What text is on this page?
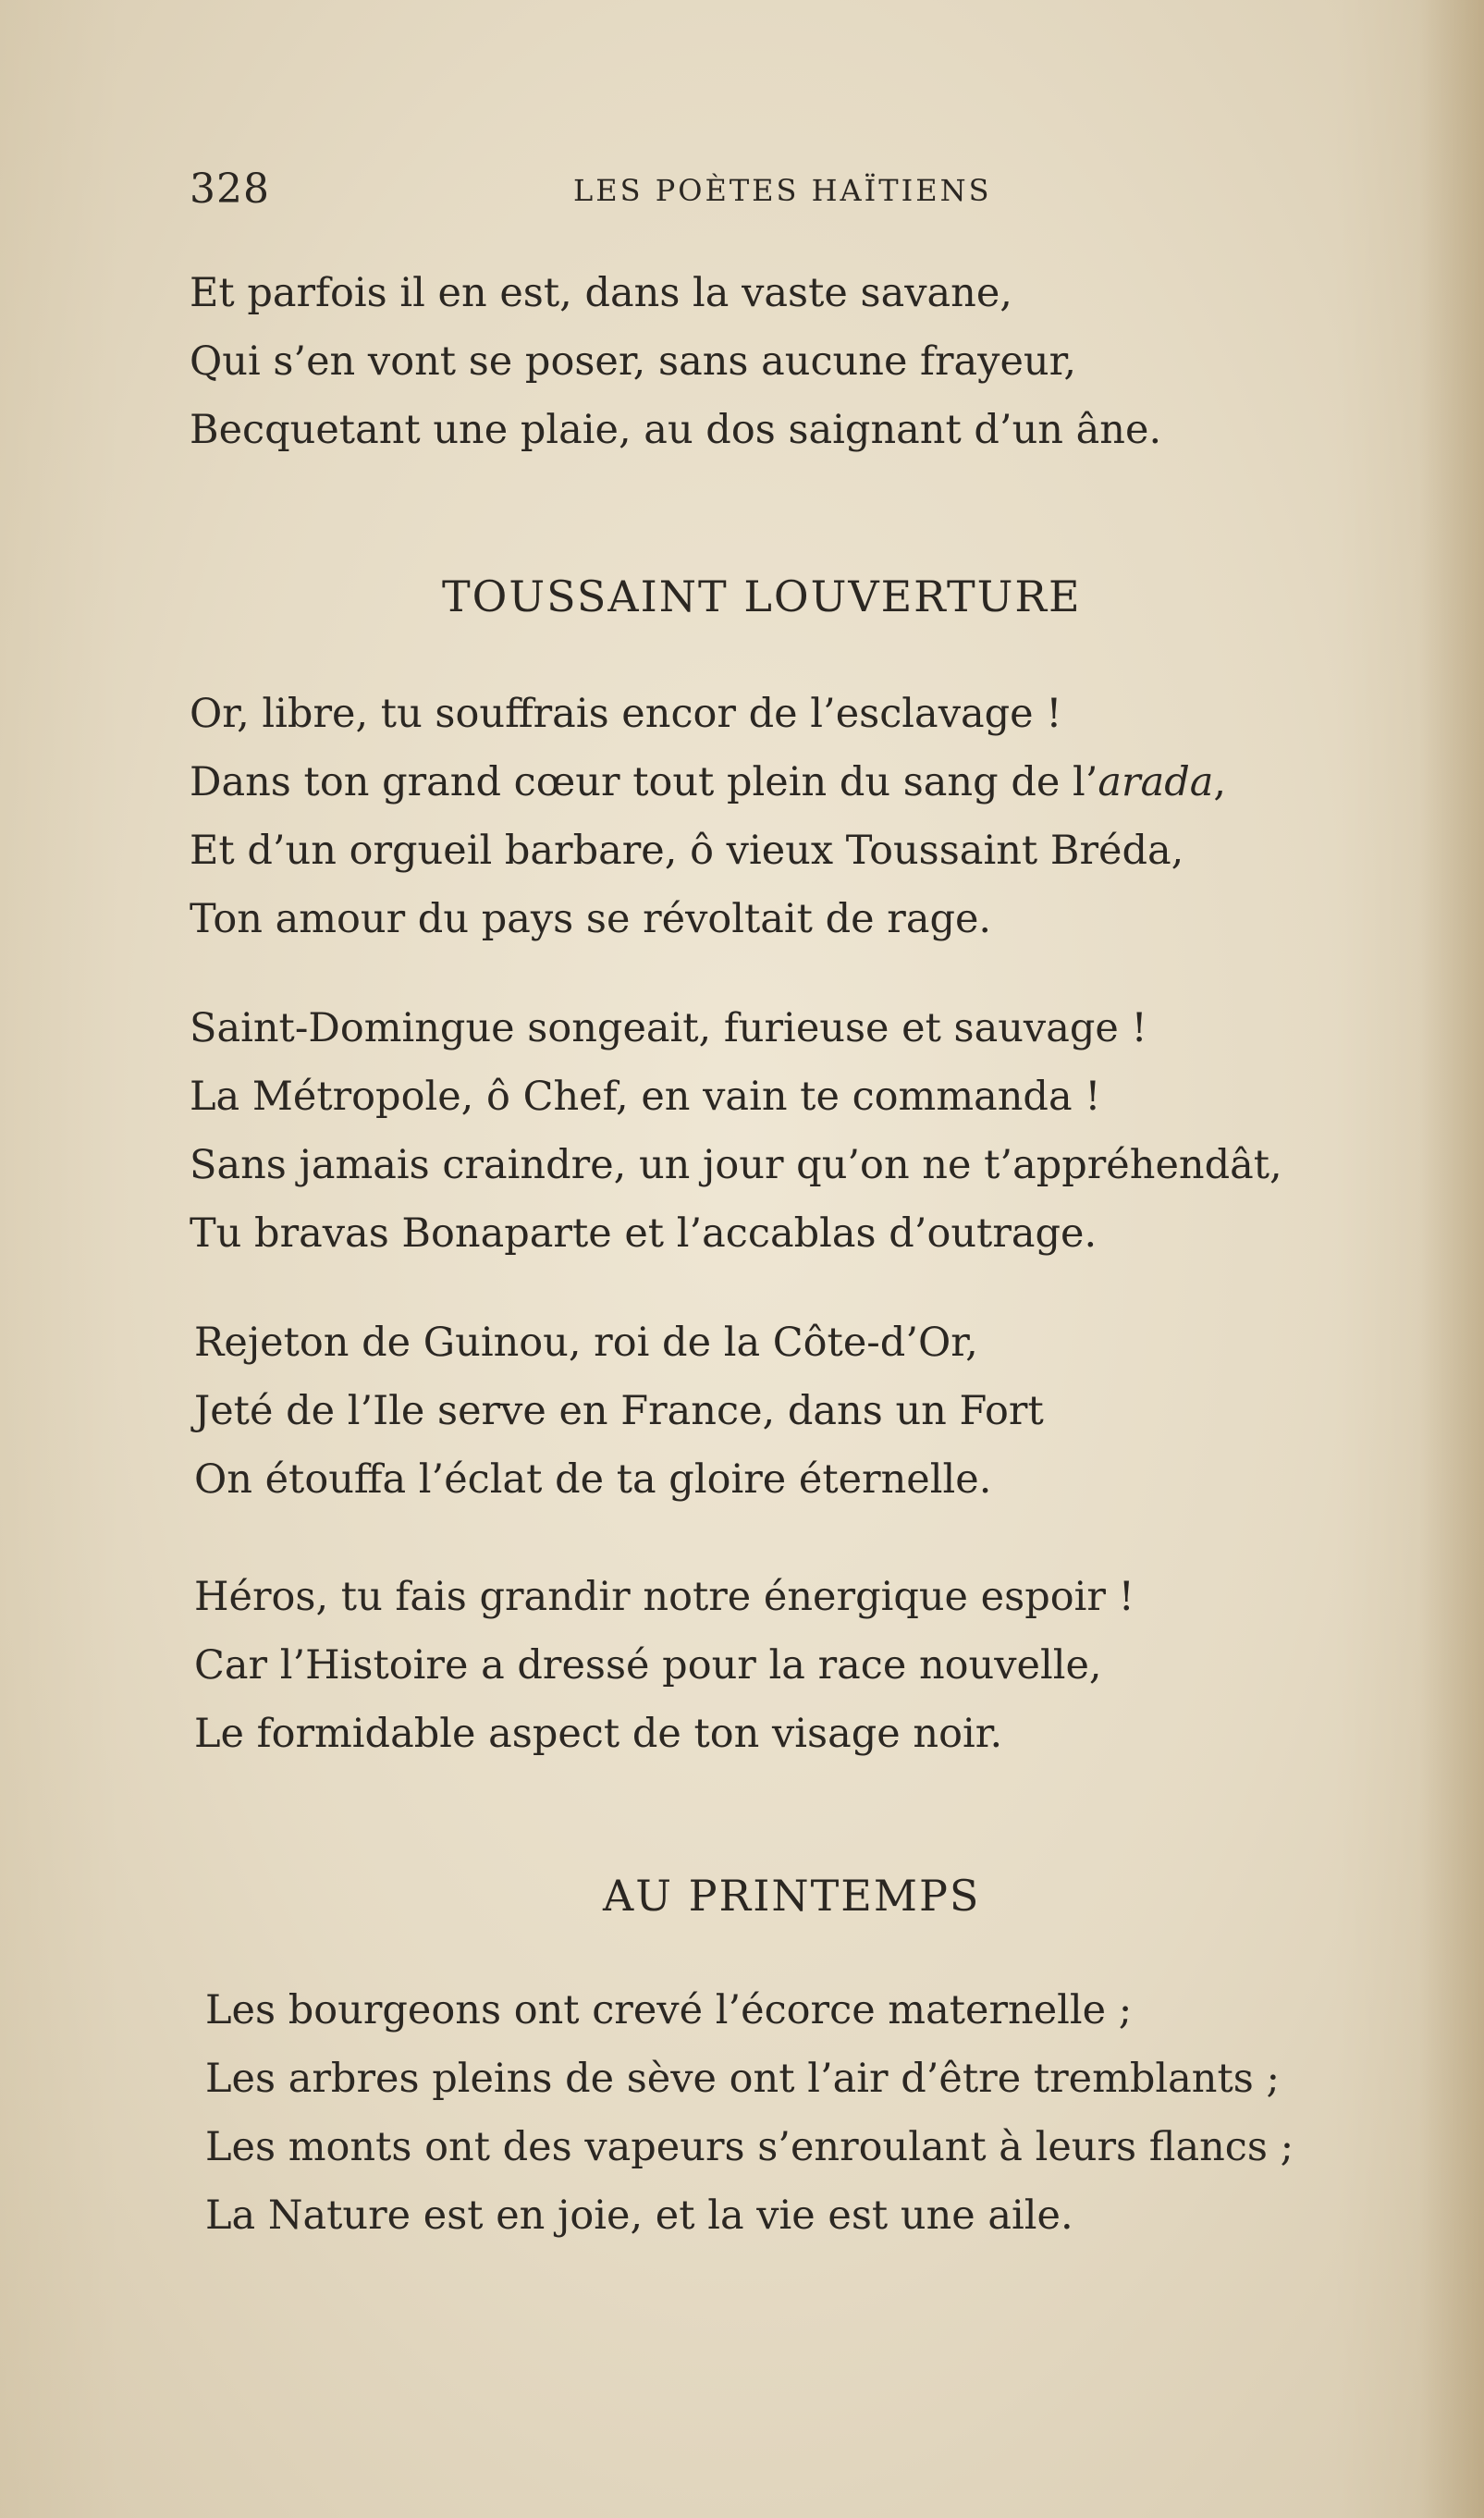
328	LES POÈTES HAÏTIENS
Et parfois il en est, dans la vaste savane,
Qui s’en vont se poser, sans aucune frayeur,
Becquetant une plaie, au dos saignant d’un âne.
TOUSSAINT LOUVERTURE
Or, libre, tu souffrais encor de l’esclavage !
Dans ton grand cœur tout plein du sang de l’arada,
Et d’un orgueil barbare, ô vieux Toussaint Bréda,
Ton amour du pays se révoltait de rage.
Saint-Domingue songeait, furieuse et sauvage !
La Métropole, ô Chef, en vain te commanda !
Sans jamais craindre, un jour qu’on ne t’appréhendât,
Tu bravas Bonaparte et l’accablas d’outrage.
Rejeton de Guinou, roi de la Côte-d’Or,
Jeté de l’Ile serve en France, dans un Fort
On étouffa l’éclat de ta gloire éternelle.
Héros, tu fais grandir notre énergique espoir !
Car l’Histoire a dressé pour la race nouvelle,
Le formidable aspect de ton visage noir.
AU PRINTEMPS
Les bourgeons ont crevé l’écorce maternelle ;
Les arbres pleins de sève ont l’air d’être tremblants ;
Les monts ont des vapeurs s’enroulant à leurs flancs ;
La Nature est en joie, et la vie est une aile.
